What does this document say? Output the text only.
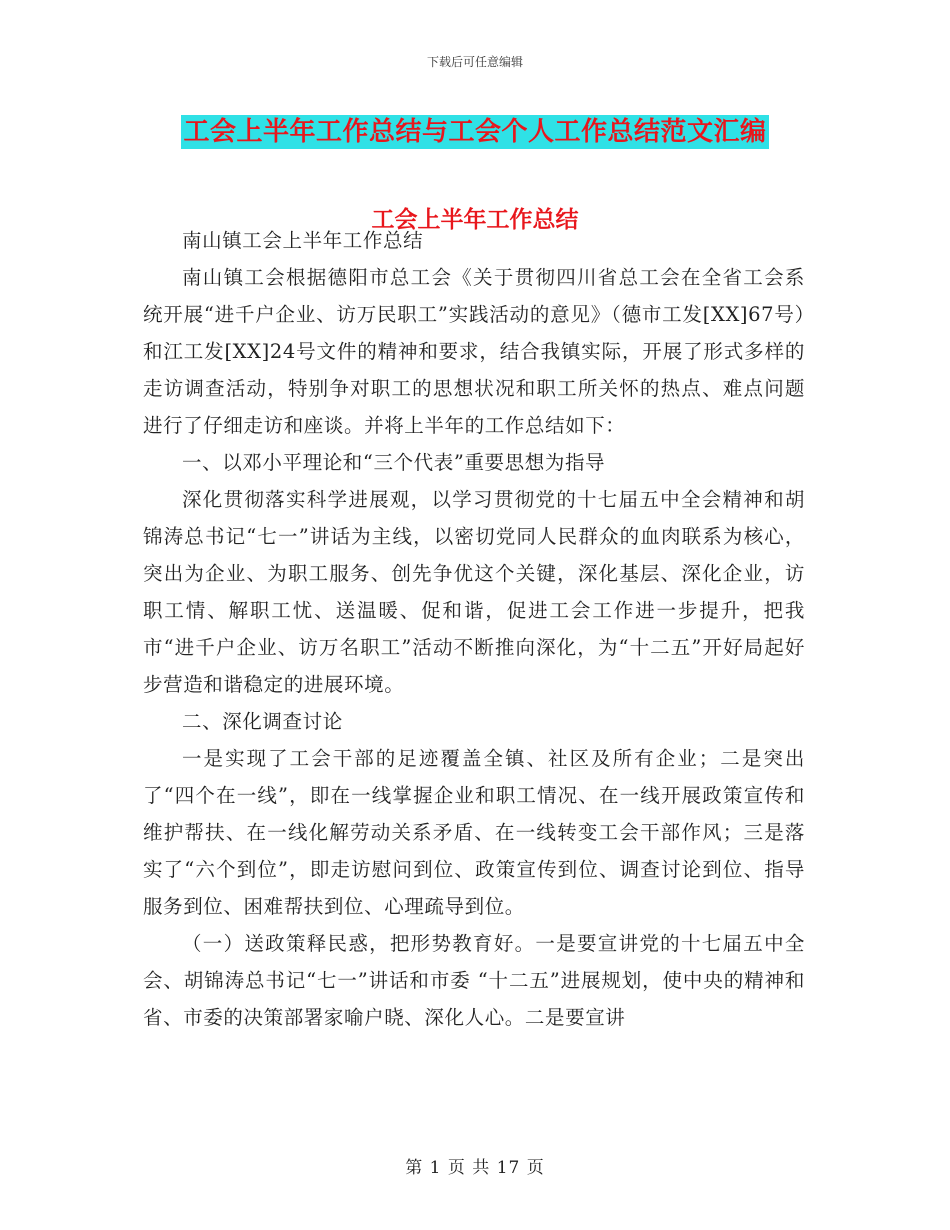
下载后可任意编辑
工会上半年工作总结与工会个人工作总结范文汇编
工会上半年工作总结

南山镇工会上半年工作总结

南山镇工会根据德阳市总工会《关于贯彻四川省总工会在全省工会系统开展“进千户企业、访万民职工”实践活动的意见》（德市工发[XX]67号）和江工发[XX]24号文件的精神和要求，结合我镇实际，开展了形式多样的走访调查活动，特别争对职工的思想状况和职工所关怀的热点、难点问题进行了仔细走访和座谈。并将上半年的工作总结如下：

一、以邓小平理论和“三个代表”重要思想为指导

深化贯彻落实科学进展观，以学习贯彻党的十七届五中全会精神和胡锦涛总书记“七一”讲话为主线，以密切党同人民群众的血肉联系为核心，突出为企业、为职工服务、创先争优这个关键，深化基层、深化企业，访职工情、解职工忧、送温暖、促和谐，促进工会工作进一步提升，把我市“进千户企业、访万名职工”活动不断推向深化，为“十二五”开好局起好步营造和谐稳定的进展环境。

二、深化调查讨论

一是实现了工会干部的足迹覆盖全镇、社区及所有企业；二是突出了“四个在一线”，即在一线掌握企业和职工情况、在一线开展政策宣传和维护帮扶、在一线化解劳动关系矛盾、在一线转变工会干部作风；三是落实了“六个到位”，即走访慰问到位、政策宣传到位、调查讨论到位、指导服务到位、困难帮扶到位、心理疏导到位。

（一）送政策释民惑，把形势教育好。一是要宣讲党的十七届五中全会、胡锦涛总书记“七一”讲话和市委 “十二五”进展规划，使中央的精神和省、市委的决策部署家喻户晓、深化人心。二是要宣讲

第 1 页 共 17 页
